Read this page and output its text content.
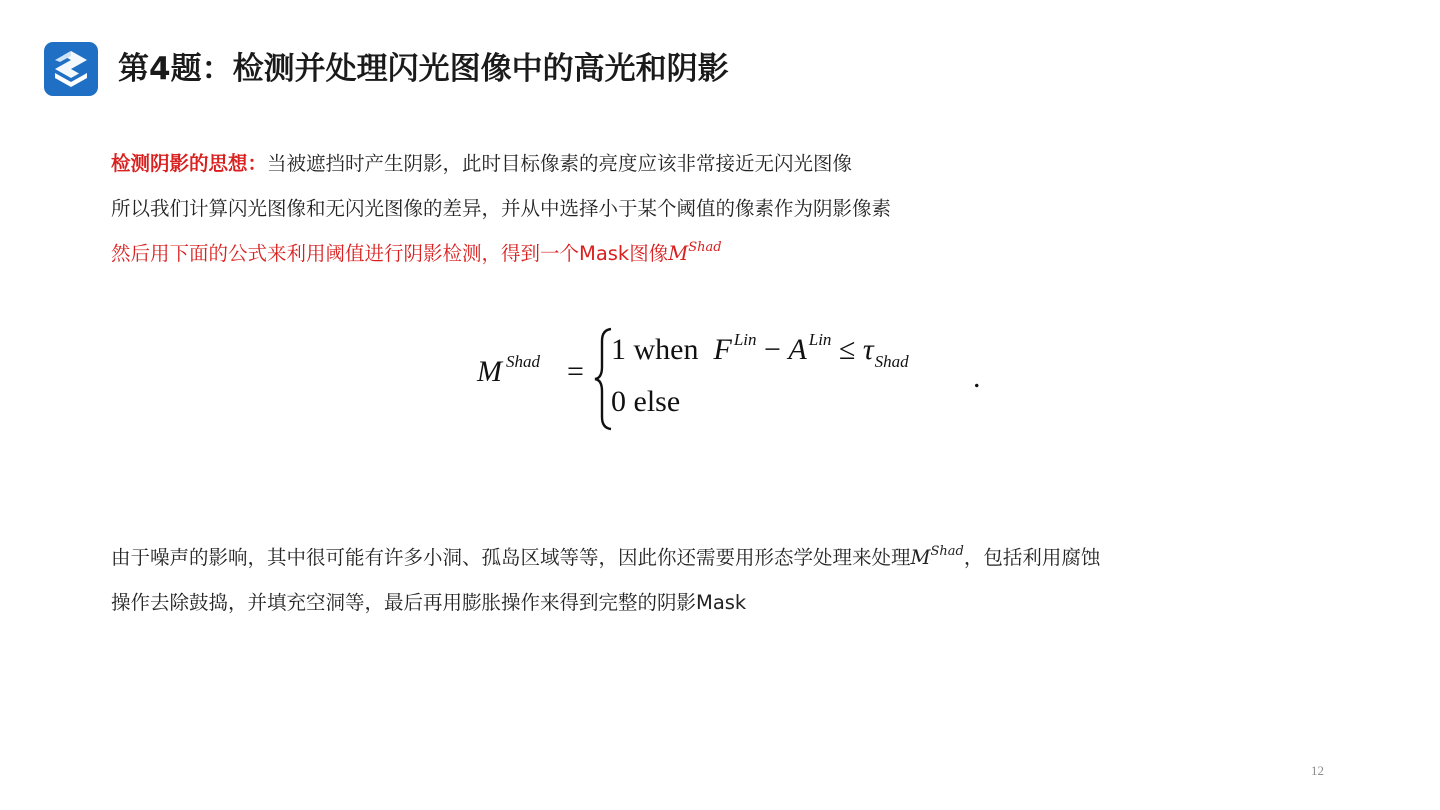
第4题：检测并处理闪光图像中的高光和阴影
检测阴影的思想：当被遮挡时产生阴影，此时目标像素的亮度应该非常接近无闪光图像
所以我们计算闪光图像和无闪光图像的差异，并从中选择小于某个阈值的像素作为阴影像素
然后用下面的公式来利用阈值进行阴影检测，得到一个Mask图像$M^{Shad}$
M $^{Shad}$ =
1 when F $^{Lin}$ − A $^{Lin} \le \tau_{Shad}$
0 else
.
由于噪声的影响，其中很可能有许多小洞、孤岛区域等等，因此你还需要用形态学处理来处理$M^{Shad}$，包括利用腐蚀
操作去除鼓捣，并填充空洞等，最后再用膨胀操作来得到完整的阴影Mask
12
